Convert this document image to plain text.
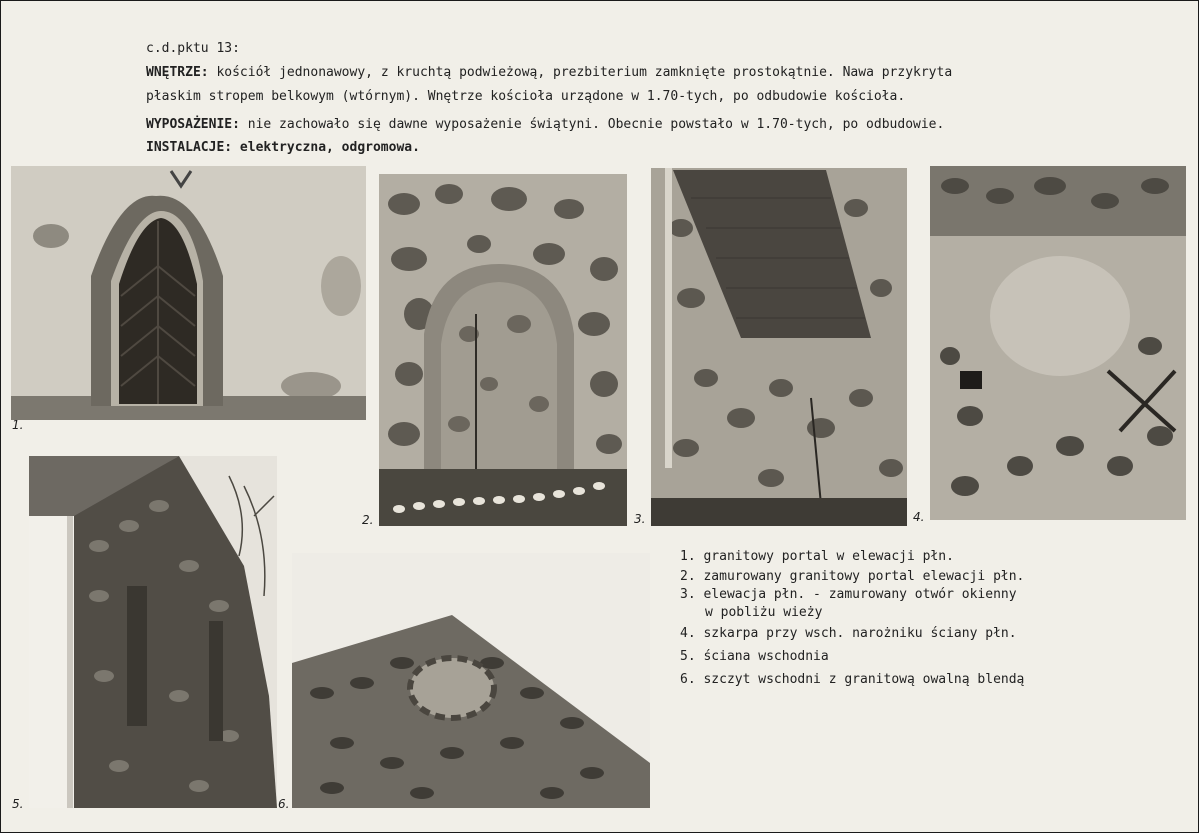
c.d.pktu 13:
WNĘTRZE: kościół jednonawowy, z kruchtą podwieżową, prezbiterium zamknięte prostokątnie. Nawa przykryta
płaskim stropem belkowym (wtórnym). Wnętrze kościoła urządone w 1.70-tych, po odbudowie kościoła.
WYPOSAŻENIE: nie zachowało się dawne wyposażenie świątyni. Obecnie powstało w 1.70-tych, po odbudowie.
INSTALACJE: elektryczna, odgromowa.
1.
2.	3.	4.
5.	6.
1. granitowy portal w elewacji płn.
2. zamurowany granitowy portal elewacji płn.
3. elewacja płn. - zamurowany otwór okienny
w pobliżu wieży
4. szkarpa przy wsch. narożniku ściany płn.
5. ściana wschodnia
6. szczyt wschodni z granitową owalną blendą
